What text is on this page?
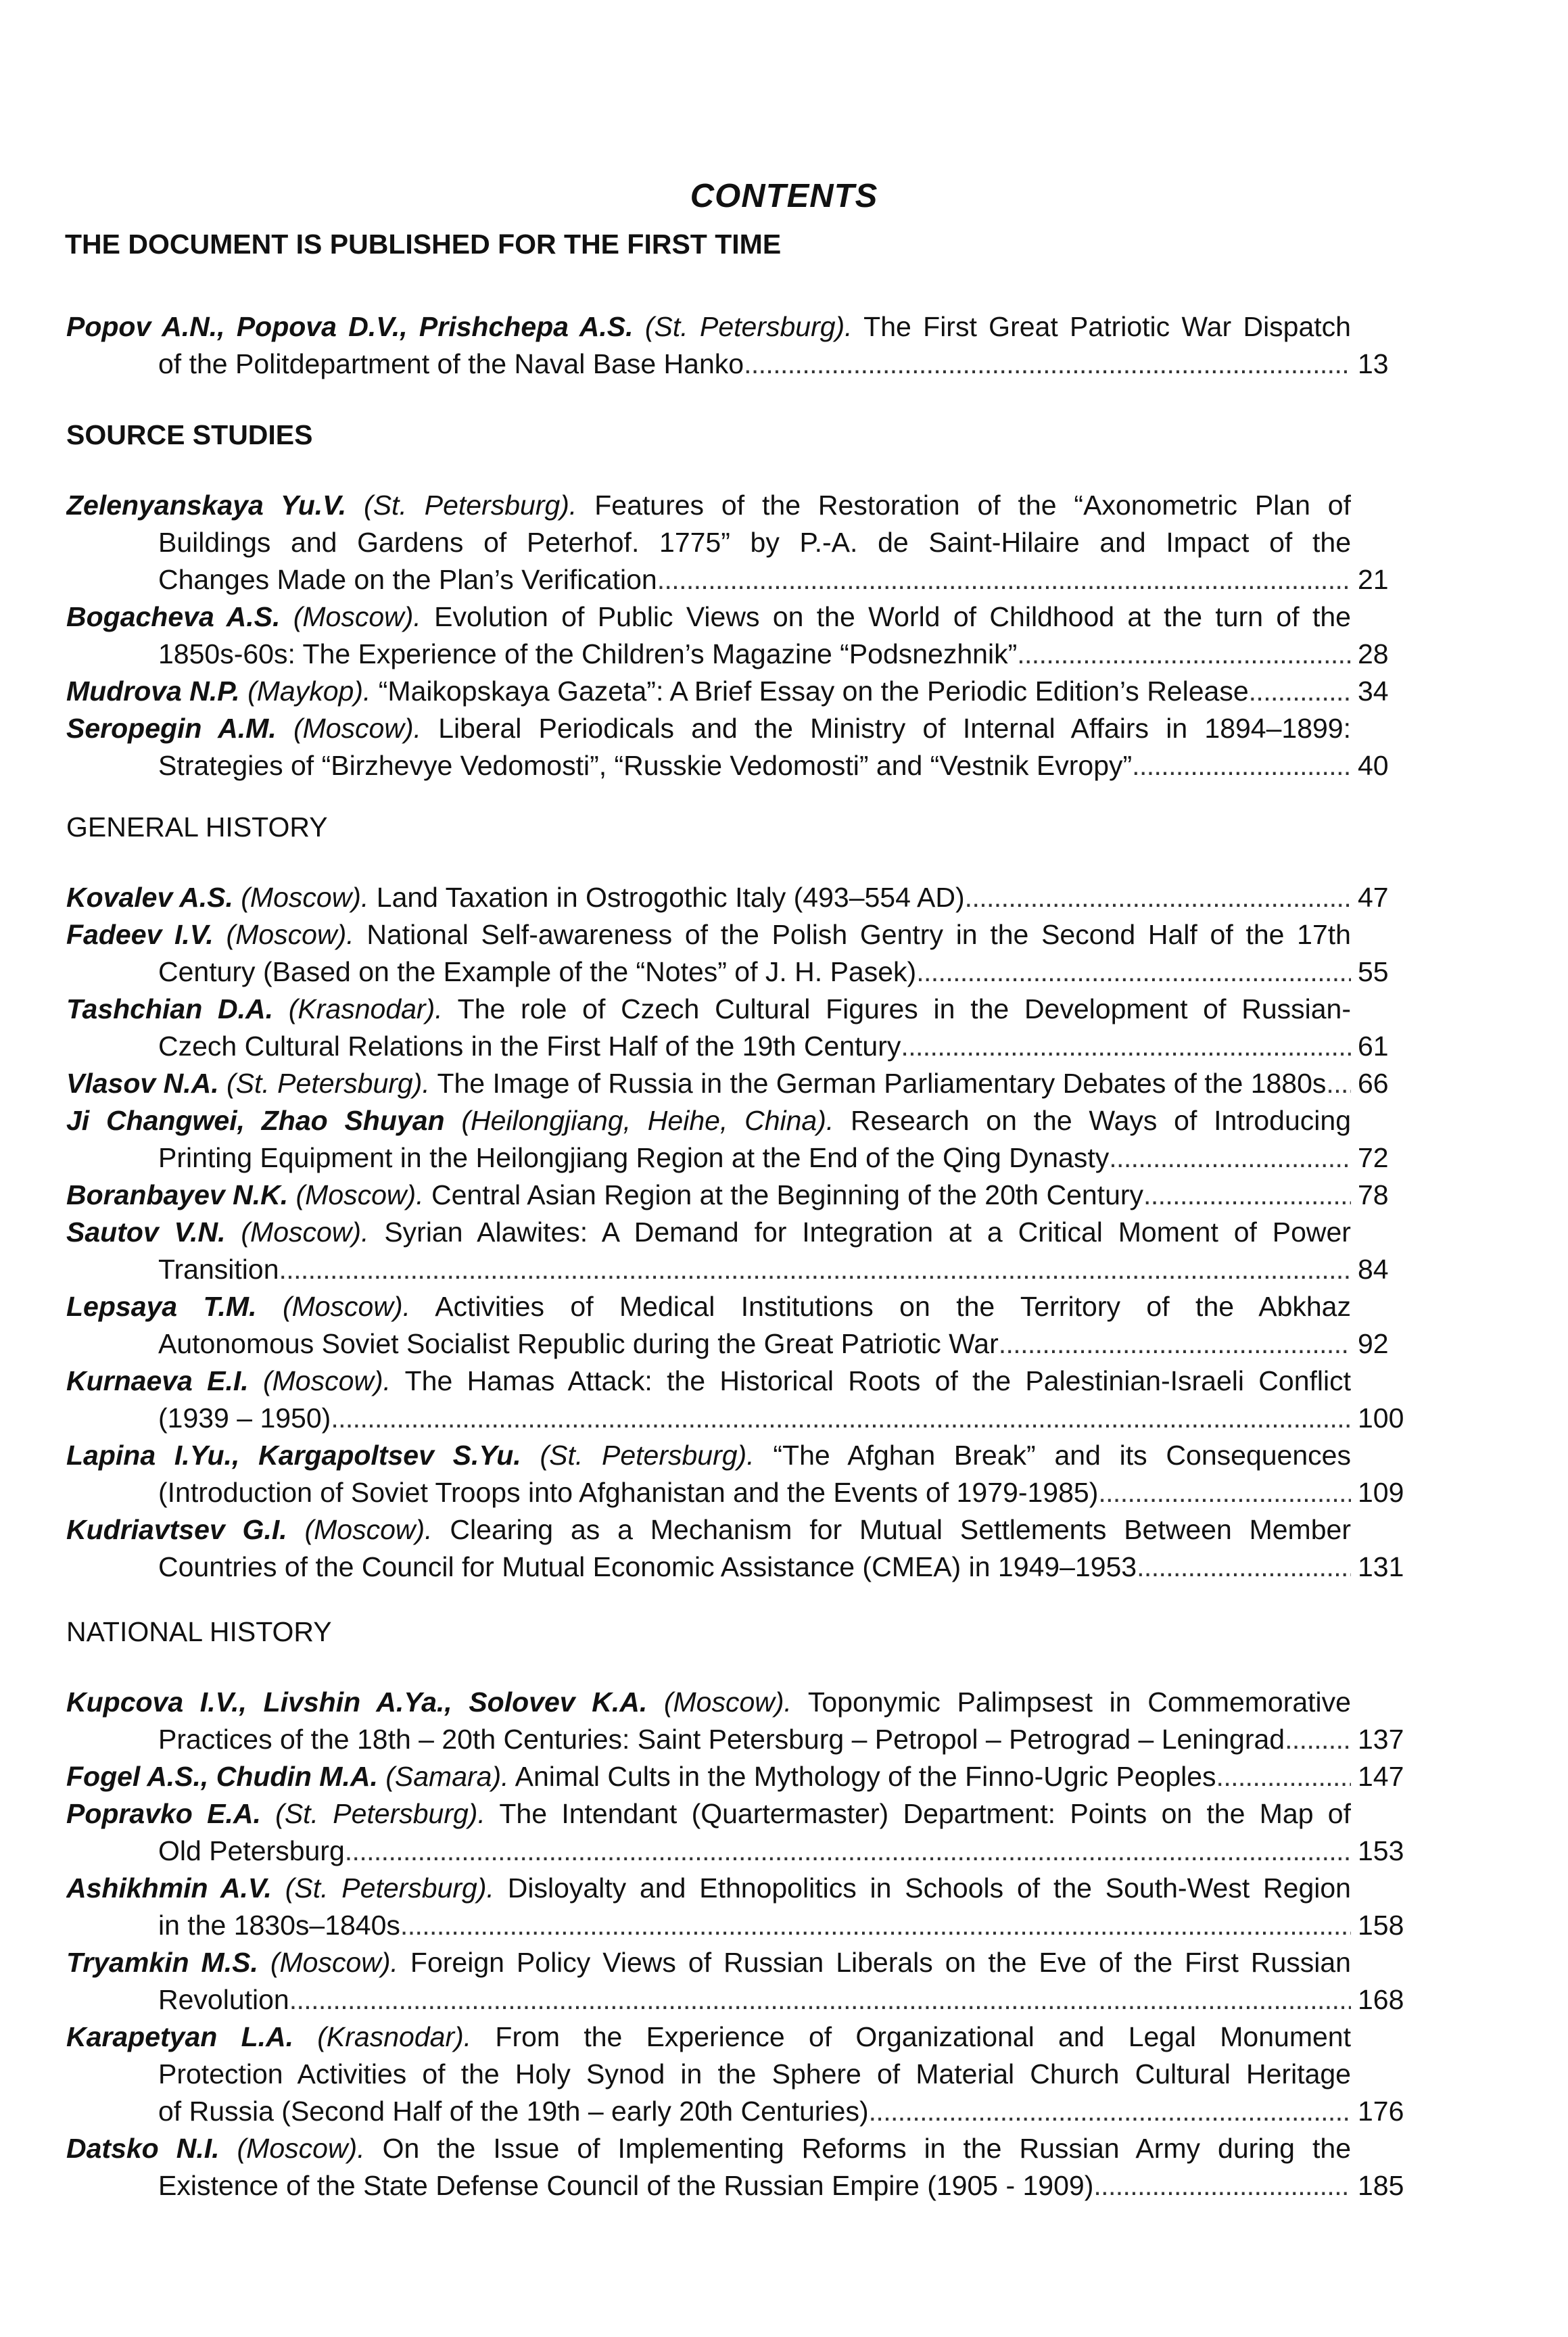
CONTENTS
THE DOCUMENT IS PUBLISHED FOR THE FIRST TIME
Popov A.N., Popova D.V., Prishchepa A.S. (St. Petersburg). The First Great Patriotic War Dispatch
of the Politdepartment of the Naval Base Hanko . . .	13
SOURCE STUDIES
Zelenyanskaya Yu.V. (St. Petersburg). Features of the Restoration of the “Axonometric Plan of
Buildings and Gardens of Peterhof. 1775” by P.-A. de Saint-Hilaire and Impact of the
Changes Made on the Plan’s Verification . . .	21
Bogacheva A.S. (Moscow). Evolution of Public Views on the World of Childhood at the turn of the
1850s-60s: The Experience of the Children’s Magazine “Podsnezhnik” . . .	28
Mudrova N.P. (Maykop). “Maikopskaya Gazeta”: A Brief Essay on the Periodic Edition’s Release . . .	34
Seropegin A.M. (Moscow). Liberal Periodicals and the Ministry of Internal Affairs in 1894–1899:
Strategies of “Birzhevye Vedomosti”, “Russkie Vedomosti” and “Vestnik Evropy” . . .	40
GENERAL HISTORY
Kovalev A.S. (Moscow). Land Taxation in Ostrogothic Italy (493–554 AD) . . .	47
Fadeev I.V. (Moscow). National Self-awareness of the Polish Gentry in the Second Half of the 17th
Century (Based on the Example of the “Notes” of J. H. Pasek) . . .	55
Tashchian D.A. (Krasnodar). The role of Czech Cultural Figures in the Development of Russian-
Czech Cultural Relations in the First Half of the 19th Century . . .	61
Vlasov N.A. (St. Petersburg). The Image of Russia in the German Parliamentary Debates of the 1880s . . . 66
Ji Changwei, Zhao Shuyan (Heilongjiang, Heihe, China). Research on the Ways of Introducing
Printing Equipment in the Heilongjiang Region at the End of the Qing Dynasty . . .	72
Boranbayev N.K. (Moscow). Central Asian Region at the Beginning of the 20th Century . . .	78
Sautov V.N. (Moscow). Syrian Alawites: A Demand for Integration at a Critical Moment of Power
Transition . . .	84
Lepsaya T.M. (Moscow). Activities of Medical Institutions on the Territory of the Abkhaz
Autonomous Soviet Socialist Republic during the Great Patriotic War . . .	92
Kurnaeva E.I. (Moscow). The Hamas Attack: the Historical Roots of the Palestinian-Israeli Conflict
(1939 – 1950) . . .	100
Lapina I.Yu., Kargapoltsev S.Yu. (St. Petersburg). “The Afghan Break” and its Consequences
(Introduction of Soviet Troops into Afghanistan and the Events of 1979-1985) . . .	109
Kudriavtsev G.I. (Moscow). Clearing as a Mechanism for Mutual Settlements Between Member
Countries of the Council for Mutual Economic Assistance (CMEA) in 1949–1953 . . .	131
NATIONAL HISTORY
Kupcova I.V., Livshin A.Ya., Solovev K.A. (Moscow). Toponymic Palimpsest in Commemorative
Practices of the 18th – 20th Centuries: Saint Petersburg – Petropol – Petrograd – Leningrad . . .	137
Fogel A.S., Chudin M.A. (Samara). Animal Cults in the Mythology of the Finno-Ugric Peoples . . .	147
Popravko E.A. (St. Petersburg). The Intendant (Quartermaster) Department: Points on the Map of
Old Petersburg . . .	153
Ashikhmin A.V. (St. Petersburg). Disloyalty and Ethnopolitics in Schools of the South-West Region
in the 1830s–1840s . . .	158
Tryamkin M.S. (Moscow). Foreign Policy Views of Russian Liberals on the Eve of the First Russian
Revolution . . .	168
Karapetyan L.A. (Krasnodar). From the Experience of Organizational and Legal Monument
Protection Activities of the Holy Synod in the Sphere of Material Church Cultural Heritage
of Russia (Second Half of the 19th – early 20th Centuries) . . .	176
Datsko N.I. (Moscow). On the Issue of Implementing Reforms in the Russian Army during the
Existence of the State Defense Council of the Russian Empire (1905 - 1909) . . .	185
